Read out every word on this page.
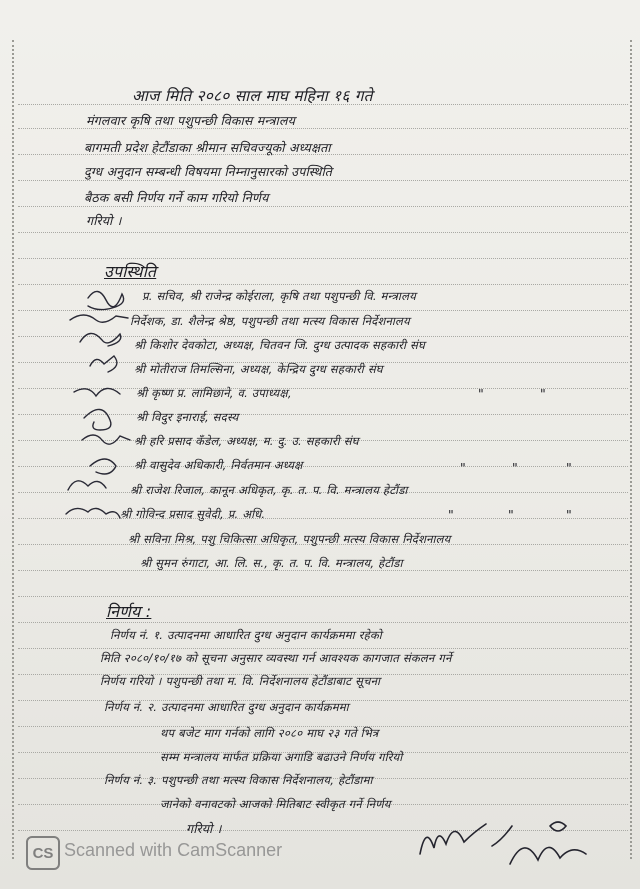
आज मिति २०८० साल माघ महिना १६ गते
मंगलवार कृषि तथा पशुपन्छी विकास मन्त्रालय
बागमती प्रदेश हेटौंडाका श्रीमान सचिवज्यूको अध्यक्षता
दुग्ध अनुदान सम्बन्धी विषयमा निम्नानुसारको उपस्थिति
बैठक बसी निर्णय गर्ने काम गरियो निर्णय
गरियो ।
उपस्थिति
प्र. सचिव, श्री राजेन्द्र कोईराला, कृषि तथा पशुपन्छी वि. मन्त्रालय
निर्देशक, डा. शैलेन्द्र श्रेष्ठ, पशुपन्छी तथा मत्स्य विकास निर्देशनालय
श्री किशोर देवकोटा, अध्यक्ष, चितवन जि. दुग्ध उत्पादक सहकारी संघ
श्री मोतीराज तिमल्सिना, अध्यक्ष, केन्द्रिय दुग्ध सहकारी संघ
श्री कृष्ण प्र. लामिछाने, व. उपाध्यक्ष,
श्री विदुर इनाराई, सदस्य
श्री हरि प्रसाद कँडेल, अध्यक्ष, म. दु. उ. सहकारी संघ
श्री वासुदेव अधिकारी, निर्वतमान अध्यक्ष
श्री राजेश रिजाल, कानून अधिकृत, कृ. त. प. वि. मन्त्रालय हेटौंडा
श्री गोविन्द प्रसाद सुवेदी, प्र. अधि.
श्री सविना मिश्र, पशु चिकित्सा अधिकृत, पशुपन्छी मत्स्य विकास निर्देशनालय
श्री सुमन रुंगाटा, आ. लि. स., कृ. त. प. वि. मन्त्रालय, हेटौंडा
"	"
"	"	"
"	"	"
निर्णय :
निर्णय नं. १. उत्पादनमा आधारित दुग्ध अनुदान कार्यक्रममा रहेको
मिति २०८०/१०/१७ को सूचना अनुसार व्यवस्था गर्न आवश्यक कागजात संकलन गर्ने
निर्णय गरियो । पशुपन्छी तथा म. वि. निर्देशनालय हेटौंडाबाट सूचना
निर्णय नं. २. उत्पादनमा आधारित दुग्ध अनुदान कार्यक्रममा
थप बजेट माग गर्नको लागि २०८० माघ २३ गते भित्र
सम्म मन्त्रालय मार्फत प्रक्रिया अगाडि बढाउने निर्णय गरियो
निर्णय नं. ३. पशुपन्छी तथा मत्स्य विकास निर्देशनालय, हेटौंडामा
जानेको वनावटको आजको मितिबाट स्वीकृत गर्ने निर्णय
गरियो ।
CS Scanned with CamScanner
